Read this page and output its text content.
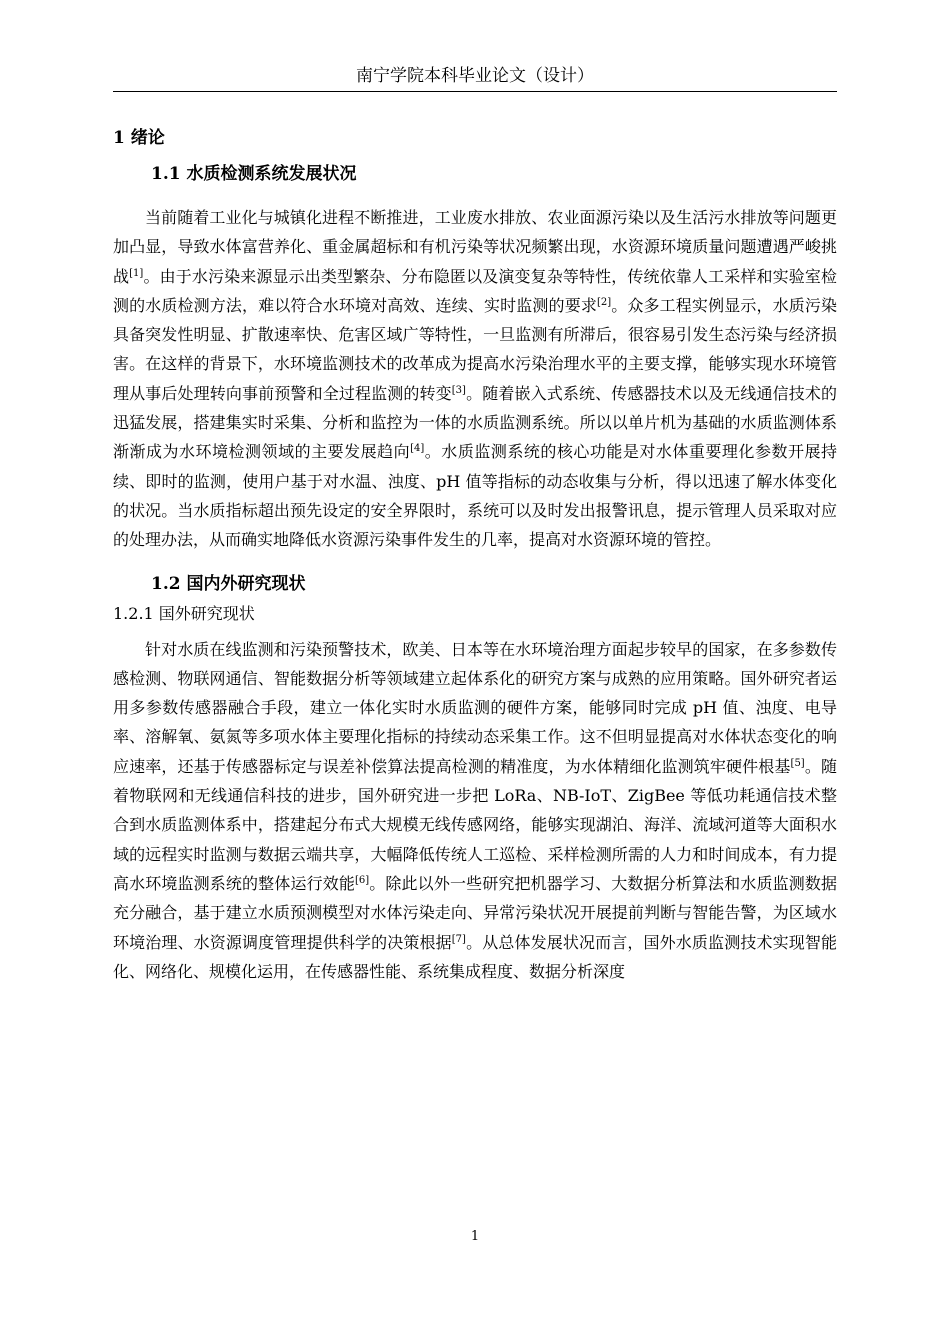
南宁学院本科毕业论文（设计）

1 绪论

1.1 水质检测系统发展状况

当前随着工业化与城镇化进程不断推进，工业废水排放、农业面源污染以及生活污水排放等问题更加凸显，导致水体富营养化、重金属超标和有机污染等状况频繁出现，水资源环境质量问题遭遇严峻挑战[1]。由于水污染来源显示出类型繁杂、分布隐匿以及演变复杂等特性，传统依靠人工采样和实验室检测的水质检测方法，难以符合水环境对高效、连续、实时监测的要求[2]。众多工程实例显示，水质污染具备突发性明显、扩散速率快、危害区域广等特性，一旦监测有所滞后，很容易引发生态污染与经济损害。在这样的背景下，水环境监测技术的改革成为提高水污染治理水平的主要支撑，能够实现水环境管理从事后处理转向事前预警和全过程监测的转变[3]。随着嵌入式系统、传感器技术以及无线通信技术的迅猛发展，搭建集实时采集、分析和监控为一体的水质监测系统。所以以单片机为基础的水质监测体系渐渐成为水环境检测领域的主要发展趋向[4]。水质监测系统的核心功能是对水体重要理化参数开展持续、即时的监测，使用户基于对水温、浊度、pH 值等指标的动态收集与分析，得以迅速了解水体变化的状况。当水质指标超出预先设定的安全界限时，系统可以及时发出报警讯息，提示管理人员采取对应的处理办法，从而确实地降低水资源污染事件发生的几率，提高对水资源环境的管控。

1.2 国内外研究现状

1.2.1 国外研究现状

针对水质在线监测和污染预警技术，欧美、日本等在水环境治理方面起步较早的国家，在多参数传感检测、物联网通信、智能数据分析等领域建立起体系化的研究方案与成熟的应用策略。国外研究者运用多参数传感器融合手段，建立一体化实时水质监测的硬件方案，能够同时完成 pH 值、浊度、电导率、溶解氧、氨氮等多项水体主要理化指标的持续动态采集工作。这不但明显提高对水体状态变化的响应速率，还基于传感器标定与误差补偿算法提高检测的精准度，为水体精细化监测筑牢硬件根基[5]。随着物联网和无线通信科技的进步，国外研究进一步把 LoRa、NB-IoT、ZigBee 等低功耗通信技术整合到水质监测体系中，搭建起分布式大规模无线传感网络，能够实现湖泊、海洋、流域河道等大面积水域的远程实时监测与数据云端共享，大幅降低传统人工巡检、采样检测所需的人力和时间成本，有力提高水环境监测系统的整体运行效能[6]。除此以外一些研究把机器学习、大数据分析算法和水质监测数据充分融合，基于建立水质预测模型对水体污染走向、异常污染状况开展提前判断与智能告警，为区域水环境治理、水资源调度管理提供科学的决策根据[7]。从总体发展状况而言，国外水质监测技术实现智能化、网络化、规模化运用，在传感器性能、系统集成程度、数据分析深度

1
